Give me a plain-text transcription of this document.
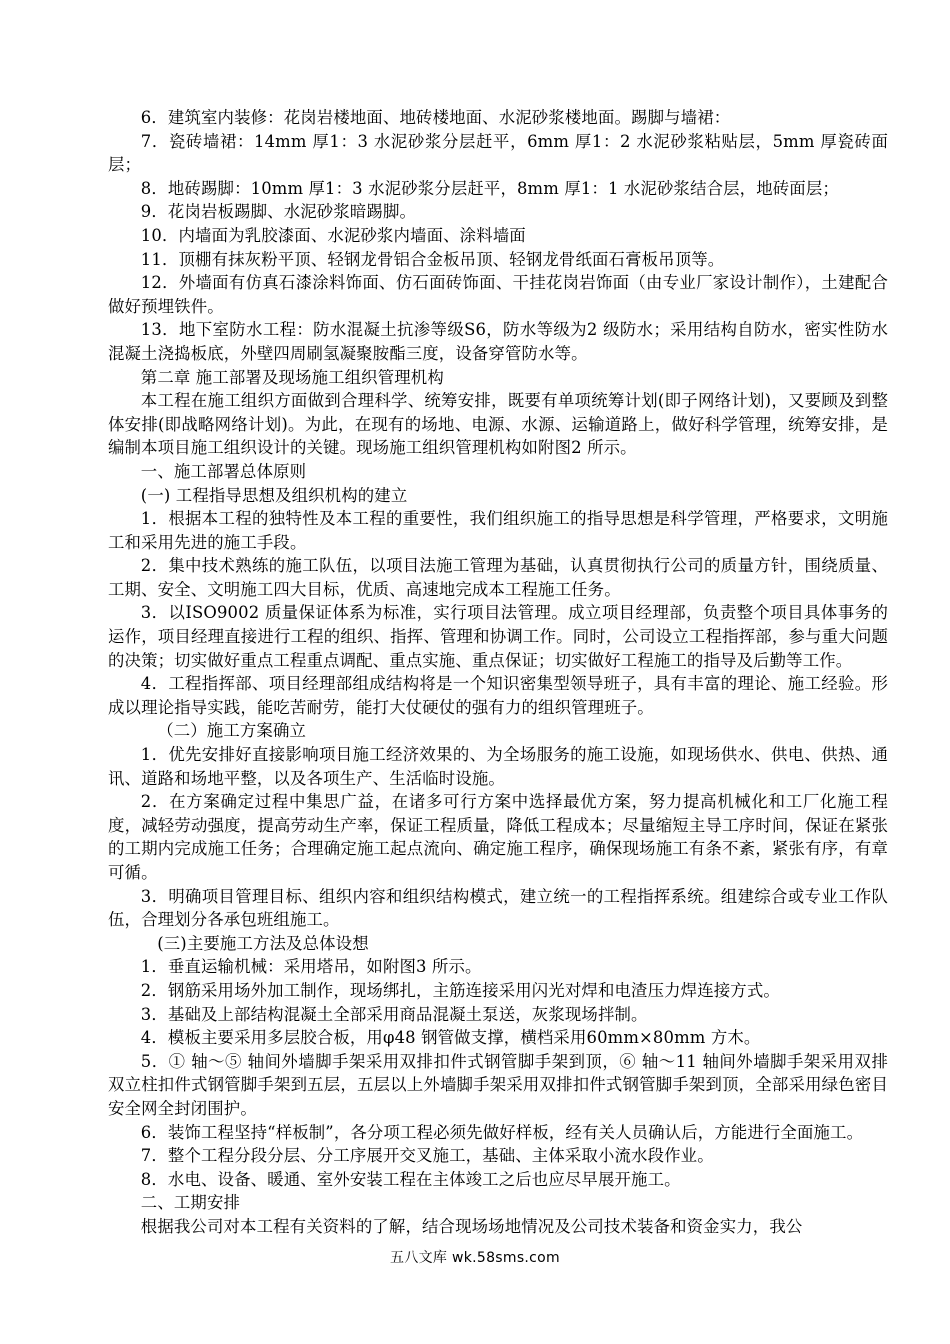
6．建筑室内装修：花岗岩楼地面、地砖楼地面、水泥砂浆楼地面。踢脚与墙裙：

7．瓷砖墙裙：14mm 厚1：3 水泥砂浆分层赶平，6mm 厚1：2 水泥砂浆粘贴层，5mm 厚瓷砖面层；

8．地砖踢脚：10mm 厚1：3 水泥砂浆分层赶平，8mm 厚1：1 水泥砂浆结合层，地砖面层；

9．花岗岩板踢脚、水泥砂浆暗踢脚。

10．内墙面为乳胶漆面、水泥砂浆内墙面、涂料墙面

11．顶棚有抹灰粉平顶、轻钢龙骨铝合金板吊顶、轻钢龙骨纸面石膏板吊顶等。

12．外墙面有仿真石漆涂料饰面、仿石面砖饰面、干挂花岗岩饰面（由专业厂家设计制作），土建配合做好预埋铁件。

13．地下室防水工程：防水混凝土抗渗等级S6，防水等级为2 级防水；采用结构自防水，密实性防水混凝土浇捣板底，外壁四周刷氢凝聚胺酯三度，设备穿管防水等。

第二章 施工部署及现场施工组织管理机构

本工程在施工组织方面做到合理科学、统筹安排，既要有单项统筹计划(即子网络计划)，又要顾及到整体安排(即战略网络计划)。为此，在现有的场地、电源、水源、运输道路上，做好科学管理，统筹安排，是编制本项目施工组织设计的关键。现场施工组织管理机构如附图2 所示。

一、施工部署总体原则

(一) 工程指导思想及组织机构的建立

1．根据本工程的独特性及本工程的重要性，我们组织施工的指导思想是科学管理，严格要求，文明施工和采用先进的施工手段。

2．集中技术熟练的施工队伍，以项目法施工管理为基础，认真贯彻执行公司的质量方针，围绕质量、工期、安全、文明施工四大目标，优质、高速地完成本工程施工任务。

3．以ISO9002 质量保证体系为标准，实行项目法管理。成立项目经理部，负责整个项目具体事务的运作，项目经理直接进行工程的组织、指挥、管理和协调工作。同时，公司设立工程指挥部，参与重大问题的决策；切实做好重点工程重点调配、重点实施、重点保证；切实做好工程施工的指导及后勤等工作。

4．工程指挥部、项目经理部组成结构将是一个知识密集型领导班子，具有丰富的理论、施工经验。形成以理论指导实践，能吃苦耐劳，能打大仗硬仗的强有力的组织管理班子。

（二）施工方案确立

1．优先安排好直接影响项目施工经济效果的、为全场服务的施工设施，如现场供水、供电、供热、通讯、道路和场地平整，以及各项生产、生活临时设施。

2．在方案确定过程中集思广益，在诸多可行方案中选择最优方案，努力提高机械化和工厂化施工程度，减轻劳动强度，提高劳动生产率，保证工程质量，降低工程成本；尽量缩短主导工序时间，保证在紧张的工期内完成施工任务；合理确定施工起点流向、确定施工程序，确保现场施工有条不紊，紧张有序，有章可循。

3．明确项目管理目标、组织内容和组织结构模式，建立统一的工程指挥系统。组建综合或专业工作队伍，合理划分各承包班组施工。

(三)主要施工方法及总体设想

1．垂直运输机械：采用塔吊，如附图3 所示。

2．钢筋采用场外加工制作，现场绑扎，主筋连接采用闪光对焊和电渣压力焊连接方式。

3．基础及上部结构混凝土全部采用商品混凝土泵送，灰浆现场拌制。

4．模板主要采用多层胶合板，用φ48 钢管做支撑，横档采用60mm×80mm 方木。

5．① 轴～⑤ 轴间外墙脚手架采用双排扣件式钢管脚手架到顶，⑥ 轴～11 轴间外墙脚手架采用双排双立柱扣件式钢管脚手架到五层，五层以上外墙脚手架采用双排扣件式钢管脚手架到顶，全部采用绿色密目安全网全封闭围护。

6．装饰工程坚持“样板制”，各分项工程必须先做好样板，经有关人员确认后，方能进行全面施工。

7．整个工程分段分层、分工序展开交叉施工，基础、主体采取小流水段作业。

8．水电、设备、暖通、室外安装工程在主体竣工之后也应尽早展开施工。

二、工期安排

根据我公司对本工程有关资料的了解，结合现场场地情况及公司技术装备和资金实力，我公

五八文库 wk.58sms.com
